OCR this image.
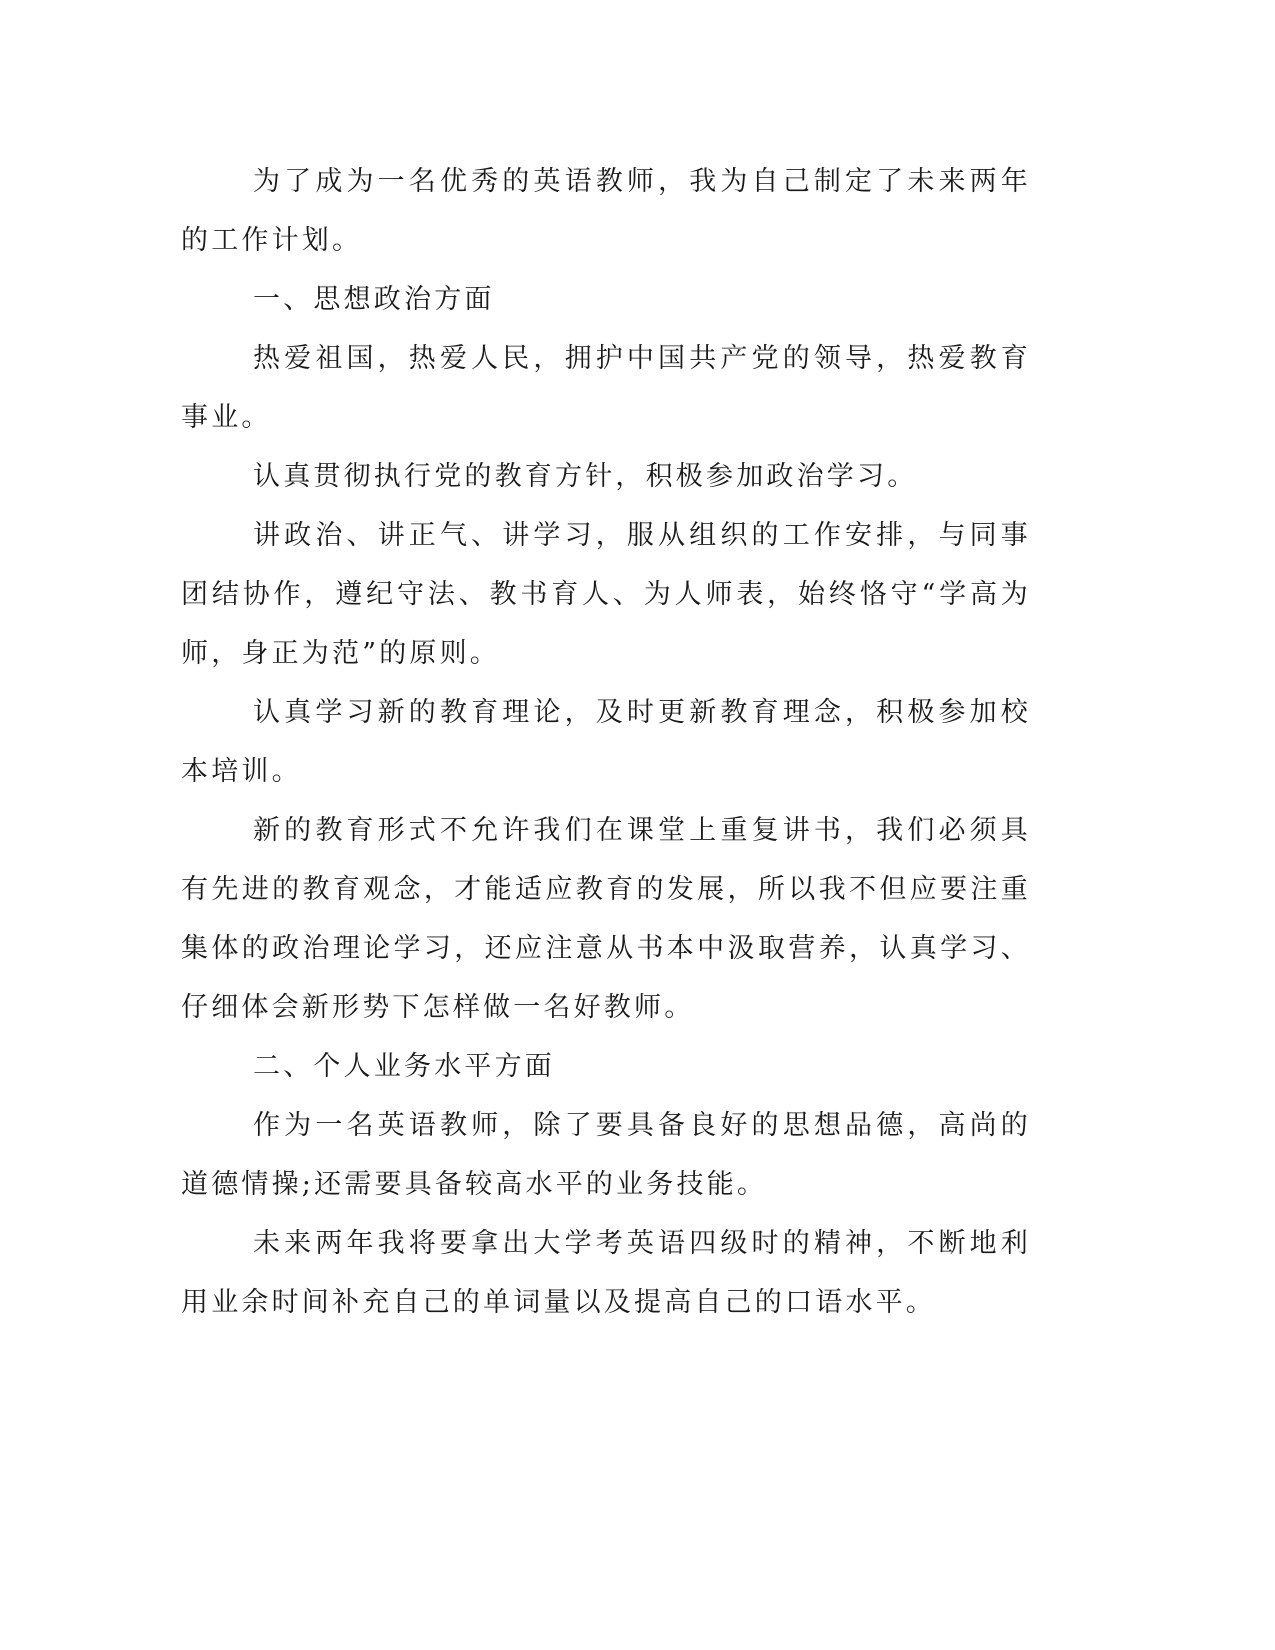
为了成为一名优秀的英语教师，我为自己制定了未来两年的工作计划。

一、思想政治方面

热爱祖国，热爱人民，拥护中国共产党的领导，热爱教育事业。

认真贯彻执行党的教育方针，积极参加政治学习。

讲政治、讲正气、讲学习，服从组织的工作安排，与同事团结协作，遵纪守法、教书育人、为人师表，始终恪守“学高为师，身正为范”的原则。

认真学习新的教育理论，及时更新教育理念，积极参加校本培训。

新的教育形式不允许我们在课堂上重复讲书，我们必须具有先进的教育观念，才能适应教育的发展，所以我不但应要注重集体的政治理论学习，还应注意从书本中汲取营养，认真学习、仔细体会新形势下怎样做一名好教师。

二、个人业务水平方面

作为一名英语教师，除了要具备良好的思想品德，高尚的道德情操;还需要具备较高水平的业务技能。

未来两年我将要拿出大学考英语四级时的精神，不断地利用业余时间补充自己的单词量以及提高自己的口语水平。
